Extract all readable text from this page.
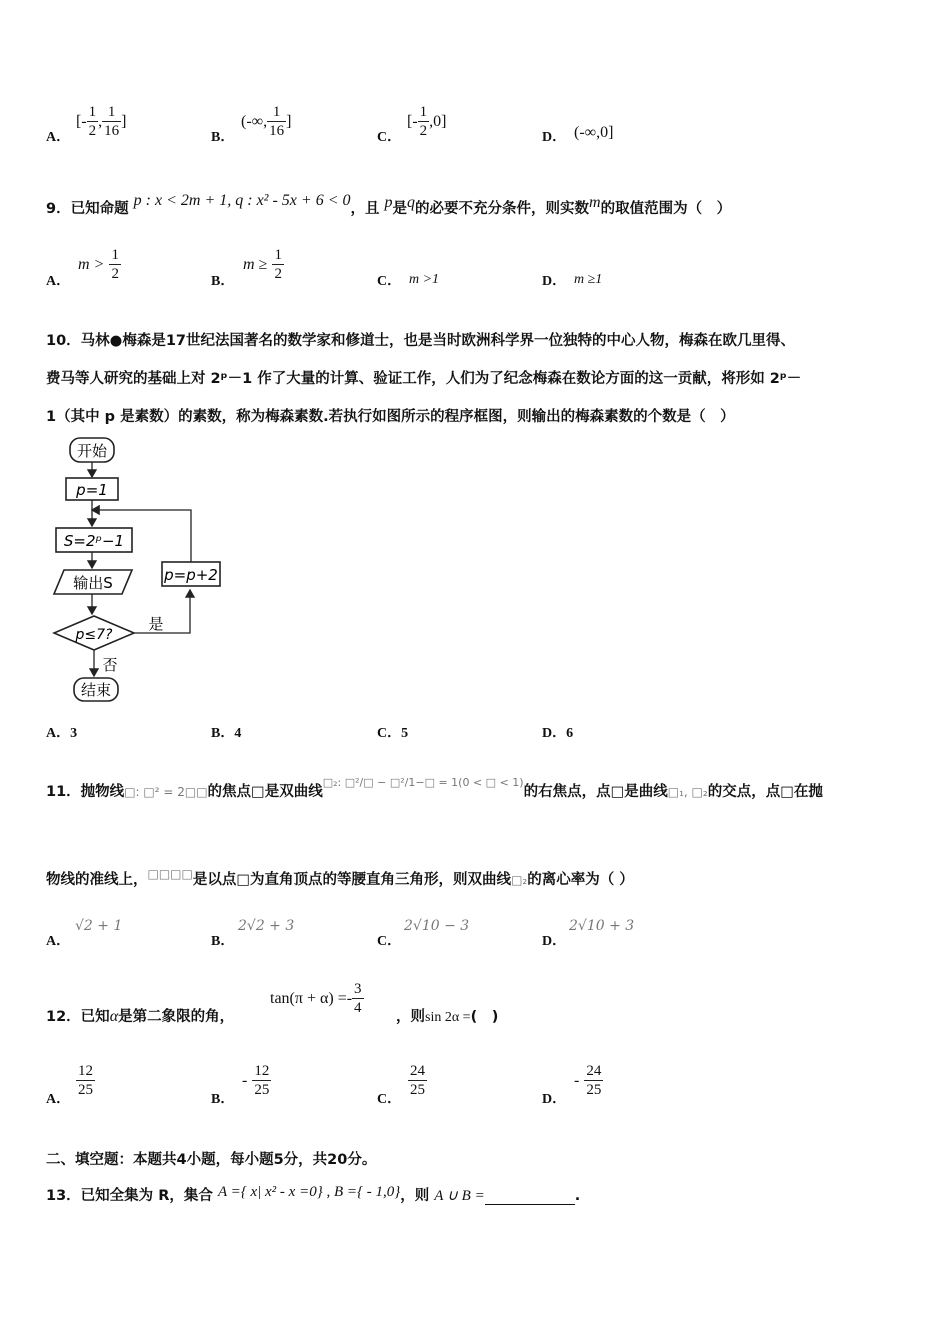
A．
[- $\frac{1}{2}$ , $\frac{1}{16}$ ]
B．
(-∞, $\frac{1}{16}$ ]
C．
[- $\frac{1}{2} ,0$]
D． (-∞,0]
9．已知命题 p : x < 2m + 1, q : x² - 5x + 6 < 0，且 p是q的必要不充分条件，则实数m的取值范围为（　）
A．
$m > \frac{1}{2}$	B．
$m \ge \frac{1}{2}$	C． m >1	D． m ≥1
10．马林●梅森是17世纪法国著名的数学家和修道士，也是当时欧洲科学界一位独特的中心人物，梅森在欧几里得、
费马等人研究的基础上对 2ᵖ－1 作了大量的计算、验证工作，人们为了纪念梅森在数论方面的这一贡献，将形如 2ᵖ－
1（其中 p 是素数）的素数，称为梅森素数.若执行如图所示的程序框图，则输出的梅森素数的个数是（　）
开始
p=1
S=2ᵖ−1
输出S
p≤7?
是
p=p+2
否
结束
A．3	B．4	C．5	D．6
11．抛物线□: □² = 2□□的焦点□是双曲线$^{□_2: □^2/□ - □^2/1-□ = 1(0 < □ < 1)}$的右焦点，点□是曲线□₁, □₂的交点，点□在抛
物线的准线上，□□□□是以点□为直角顶点的等腰直角三角形，则双曲线□₂的离心率为（ ）
A．
√2 + 1
B．
2√2 + 3
C．
2√10 − 3
D．
2√10 + 3
12．已知α是第二象限的角，
$\tan(\pi + \alpha) =- \frac{3}{4}$ ，则sin 2α =(　)
A．
$\frac{12}{25}$
B．
- $\frac{12}{25}$
C．
$\frac{24}{25}$
D．
- $\frac{24}{25}$
二、填空题：本题共4小题，每小题5分，共20分。
13．已知全集为 R，集合 A ={ x| x² - x =0} , B ={ - 1,0}，则 A ∪ B =	.
